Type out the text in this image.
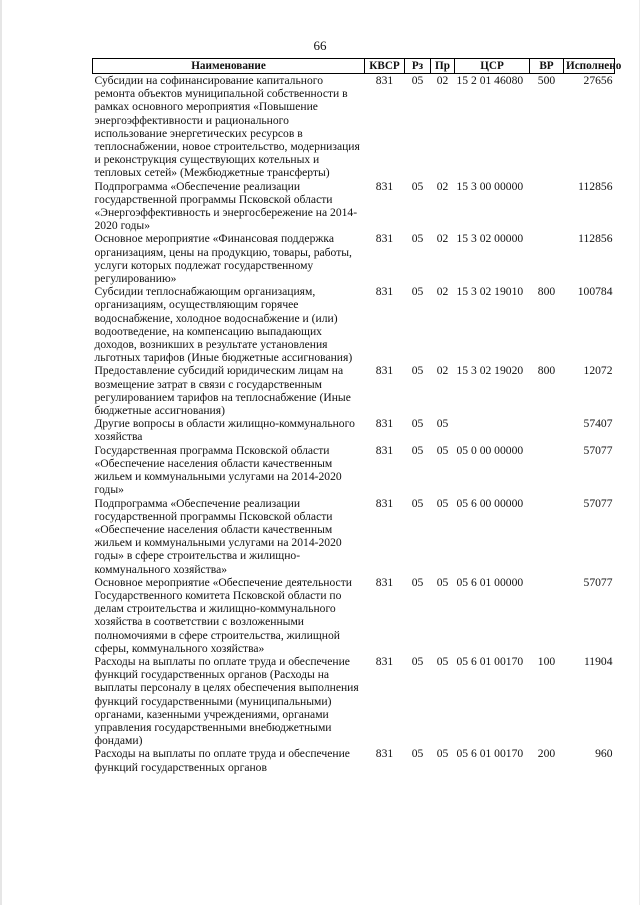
66
Наименование	КВСР	Рз	Пр	ЦСР	ВР	Исполнено
Субсидии на софинансирование капитального ремонта объектов муниципальной собственности в рамках основного мероприятия «Повышение энергоэффективности и рационального использование энергетических ресурсов в теплоснабжении, новое строительство, модернизация и реконструкция существующих котельных и тепловых сетей» (Межбюджетные трансферты)	831	05	02	15 2 01 46080	500	27656
Подпрограмма «Обеспечение реализации государственной программы Псковской области «Энергоэффективность и энергосбережение на 2014-2020 годы»	831	05	02	15 3 00 00000		112856
Основное мероприятие «Финансовая поддержка организациям, цены на продукцию, товары, работы, услуги которых подлежат государственному регулированию»	831	05	02	15 3 02 00000		112856
Субсидии теплоснабжающим организациям, организациям, осуществляющим горячее водоснабжение, холодное водоснабжение и (или) водоотведение, на компенсацию выпадающих доходов, возникших в результате установления льготных тарифов (Иные бюджетные ассигнования)	831	05	02	15 3 02 19010	800	100784
Предоставление субсидий юридическим лицам на возмещение затрат в связи с государственным регулированием тарифов на теплоснабжение (Иные бюджетные ассигнования)	831	05	02	15 3 02 19020	800	12072
Другие вопросы в области жилищно-коммунального хозяйства	831	05	05			57407
Государственная программа Псковской области «Обеспечение населения области качественным жильем и коммунальными услугами на 2014-2020 годы»	831	05	05	05 0 00 00000		57077
Подпрограмма «Обеспечение реализации государственной программы Псковской области «Обеспечение населения области качественным жильем и коммунальными услугами на 2014-2020 годы» в сфере строительства и жилищно-коммунального хозяйства»	831	05	05	05 6 00 00000		57077
Основное мероприятие «Обеспечение деятельности Государственного комитета Псковской области по делам строительства и жилищно-коммунального хозяйства в соответствии с возложенными полномочиями в сфере строительства, жилищной сферы, коммунального хозяйства»	831	05	05	05 6 01 00000		57077
Расходы на выплаты по оплате труда и обеспечение функций государственных органов (Расходы на выплаты персоналу в целях обеспечения выполнения функций государственными (муниципальными) органами, казенными учреждениями, органами управления государственными внебюджетными фондами)	831	05	05	05 6 01 00170	100	11904
Расходы на выплаты по оплате труда и обеспечение функций государственных органов	831	05	05	05 6 01 00170	200	960
